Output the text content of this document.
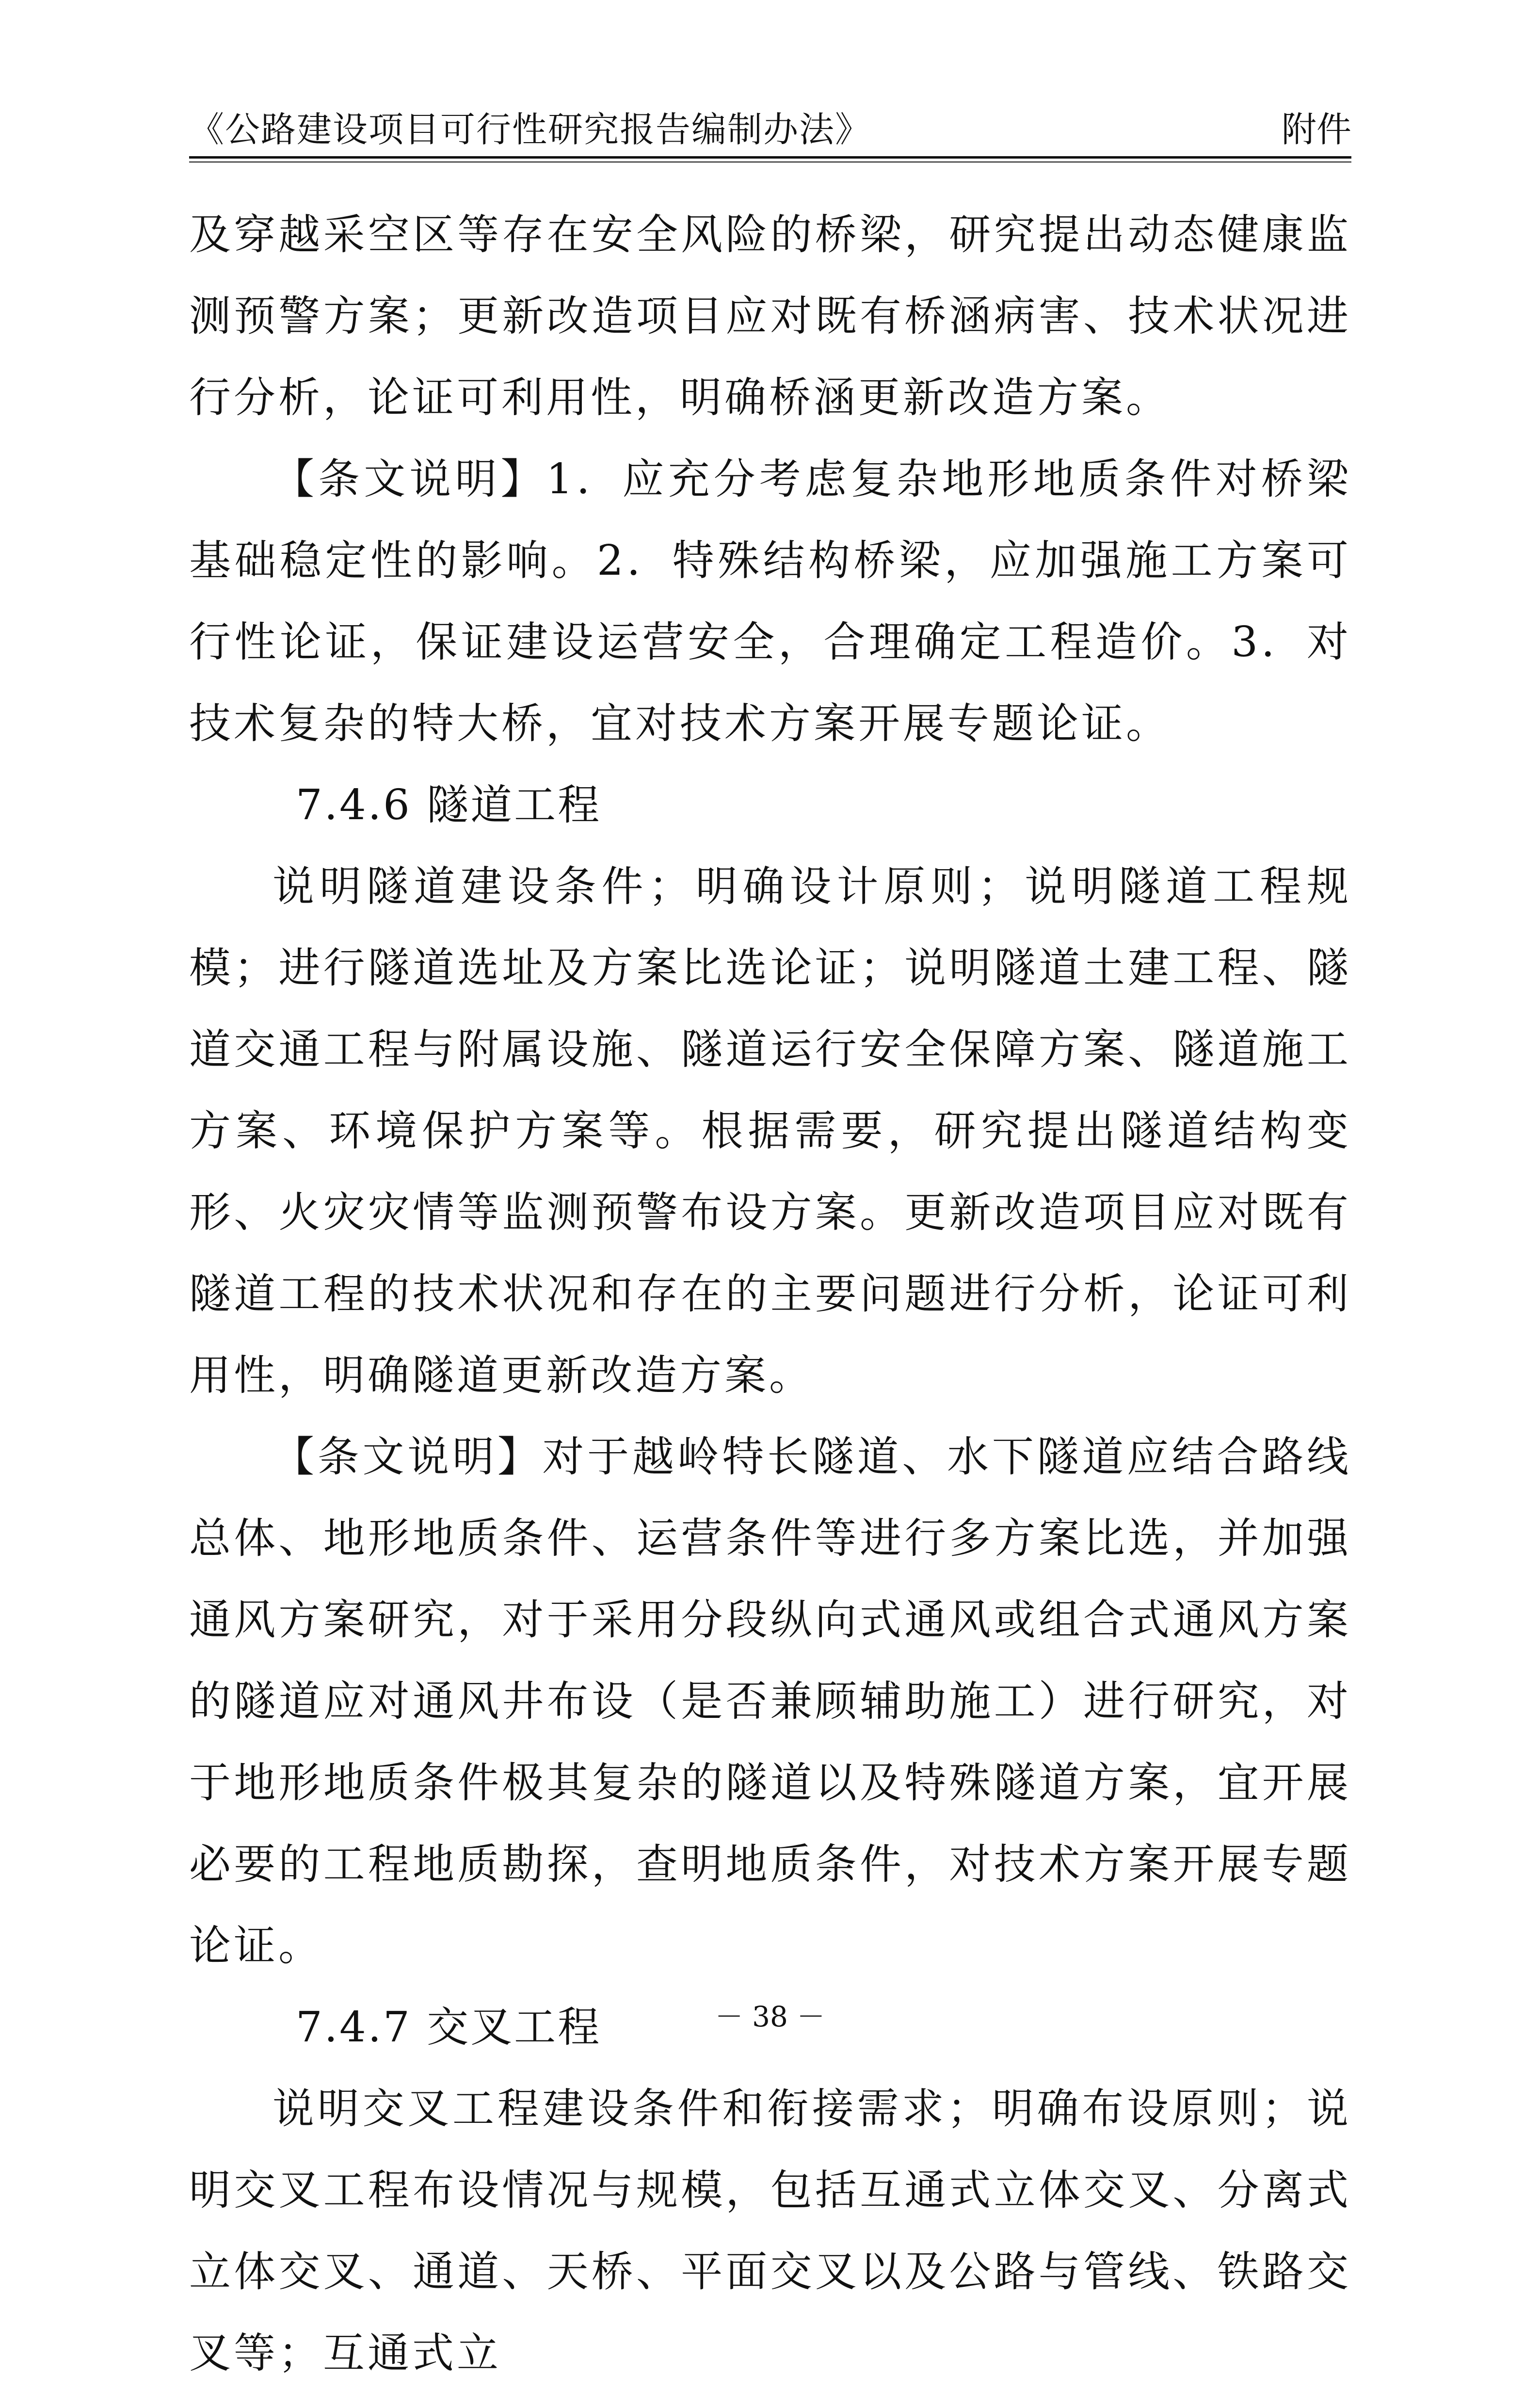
《公路建设项目可行性研究报告编制办法》	附件

及穿越采空区等存在安全风险的桥梁，研究提出动态健康监测预警方案；更新改造项目应对既有桥涵病害、技术状况进行分析，论证可利用性，明确桥涵更新改造方案。

【条文说明】1．应充分考虑复杂地形地质条件对桥梁基础稳定性的影响。2．特殊结构桥梁，应加强施工方案可行性论证，保证建设运营安全，合理确定工程造价。3．对技术复杂的特大桥，宜对技术方案开展专题论证。

7.4.6 隧道工程

说明隧道建设条件；明确设计原则；说明隧道工程规模；进行隧道选址及方案比选论证；说明隧道土建工程、隧道交通工程与附属设施、隧道运行安全保障方案、隧道施工方案、环境保护方案等。根据需要，研究提出隧道结构变形、火灾灾情等监测预警布设方案。更新改造项目应对既有隧道工程的技术状况和存在的主要问题进行分析，论证可利用性，明确隧道更新改造方案。

【条文说明】对于越岭特长隧道、水下隧道应结合路线总体、地形地质条件、运营条件等进行多方案比选，并加强通风方案研究，对于采用分段纵向式通风或组合式通风方案的隧道应对通风井布设（是否兼顾辅助施工）进行研究，对于地形地质条件极其复杂的隧道以及特殊隧道方案，宜开展必要的工程地质勘探，查明地质条件，对技术方案开展专题论证。

7.4.7 交叉工程

说明交叉工程建设条件和衔接需求；明确布设原则；说明交叉工程布设情况与规模，包括互通式立体交叉、分离式立体交叉、通道、天桥、平面交叉以及公路与管线、铁路交叉等；互通式立

－ 38 －
